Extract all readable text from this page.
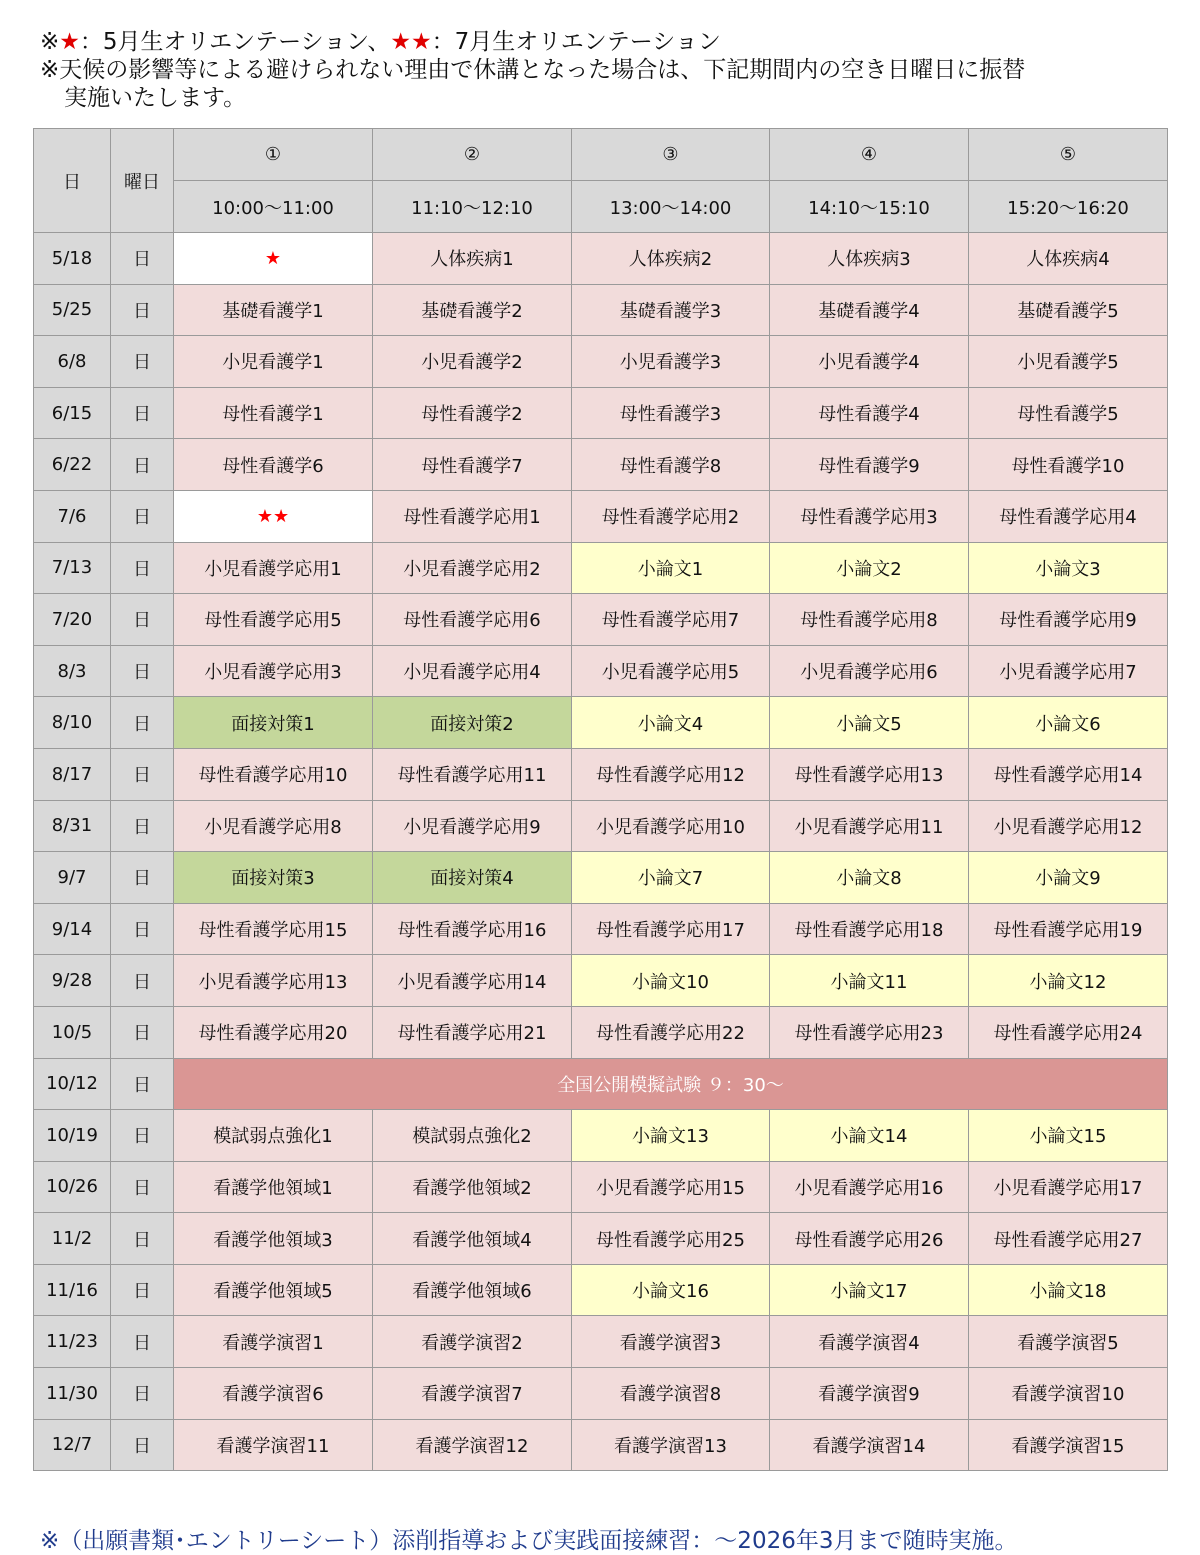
※★：5月生オリエンテーション、★★：7月生オリエンテーション
※天候の影響等による避けられない理由で休講となった場合は、下記期間内の空き日曜日に振替
実施いたします。
日	曜日	①	②	③	④	⑤
		10:00～11:00	11:10～12:10	13:00～14:00	14:10～15:10	15:20～16:20
5/18	日	★	人体疾病1	人体疾病2	人体疾病3	人体疾病4
5/25	日	基礎看護学1	基礎看護学2	基礎看護学3	基礎看護学4	基礎看護学5
6/8	日	小児看護学1	小児看護学2	小児看護学3	小児看護学4	小児看護学5
6/15	日	母性看護学1	母性看護学2	母性看護学3	母性看護学4	母性看護学5
6/22	日	母性看護学6	母性看護学7	母性看護学8	母性看護学9	母性看護学10
7/6	日	★★	母性看護学応用1	母性看護学応用2	母性看護学応用3	母性看護学応用4
7/13	日	小児看護学応用1	小児看護学応用2	小論文1	小論文2	小論文3
7/20	日	母性看護学応用5	母性看護学応用6	母性看護学応用7	母性看護学応用8	母性看護学応用9
8/3	日	小児看護学応用3	小児看護学応用4	小児看護学応用5	小児看護学応用6	小児看護学応用7
8/10	日	面接対策1	面接対策2	小論文4	小論文5	小論文6
8/17	日	母性看護学応用10	母性看護学応用11	母性看護学応用12	母性看護学応用13	母性看護学応用14
8/31	日	小児看護学応用8	小児看護学応用9	小児看護学応用10	小児看護学応用11	小児看護学応用12
9/7	日	面接対策3	面接対策4	小論文7	小論文8	小論文9
9/14	日	母性看護学応用15	母性看護学応用16	母性看護学応用17	母性看護学応用18	母性看護学応用19
9/28	日	小児看護学応用13	小児看護学応用14	小論文10	小論文11	小論文12
10/5	日	母性看護学応用20	母性看護学応用21	母性看護学応用22	母性看護学応用23	母性看護学応用24
10/12	日	全国公開模擬試験 ９：30～				
10/19	日	模試弱点強化1	模試弱点強化2	小論文13	小論文14	小論文15
10/26	日	看護学他領域1	看護学他領域2	小児看護学応用15	小児看護学応用16	小児看護学応用17
11/2	日	看護学他領域3	看護学他領域4	母性看護学応用25	母性看護学応用26	母性看護学応用27
11/16	日	看護学他領域5	看護学他領域6	小論文16	小論文17	小論文18
11/23	日	看護学演習1	看護学演習2	看護学演習3	看護学演習4	看護学演習5
11/30	日	看護学演習6	看護学演習7	看護学演習8	看護学演習9	看護学演習10
12/7	日	看護学演習11	看護学演習12	看護学演習13	看護学演習14	看護学演習15
※（出願書類･エントリーシート）添削指導および実践面接練習：～2026年3月まで随時実施。
